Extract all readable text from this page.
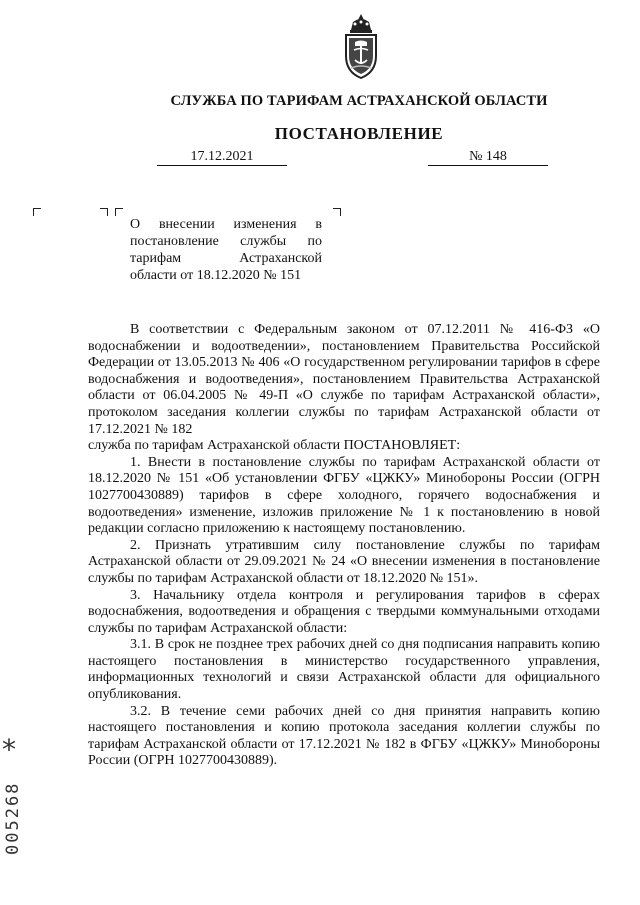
СЛУЖБА ПО ТАРИФАМ АСТРАХАНСКОЙ ОБЛАСТИ
ПОСТАНОВЛЕНИЕ
17.12.2021	№ 148
О внесении изменения в
постановление службы по
тарифам Астраханской
области от 18.12.2020 № 151

В соответствии с Федеральным законом от 07.12.2011 № 416-ФЗ «О водоснабжении и водоотведении», постановлением Правительства Российской Федерации от 13.05.2013 № 406 «О государственном регулировании тарифов в сфере водоснабжения и водоотведения», постановлением Правительства Астраханской области от 06.04.2005 № 49-П «О службе по тарифам Астраханской области», протоколом заседания коллегии службы по тарифам Астраханской области от 17.12.2021 № 182

служба по тарифам Астраханской области ПОСТАНОВЛЯЕТ:

1. Внести в постановление службы по тарифам Астраханской области от 18.12.2020 № 151 «Об установлении ФГБУ «ЦЖКУ» Минобороны России (ОГРН 1027700430889) тарифов в сфере холодного, горячего водоснабжения и водоотведения» изменение, изложив приложение № 1 к постановлению в новой редакции согласно приложению к настоящему постановлению.

2. Признать утратившим силу постановление службы по тарифам Астраханской области от 29.09.2021 № 24 «О внесении изменения в постановление службы по тарифам Астраханской области от 18.12.2020 № 151».

3. Начальнику отдела контроля и регулирования тарифов в сферах водоснабжения, водоотведения и обращения с твердыми коммунальными отходами службы по тарифам Астраханской области:

3.1. В срок не позднее трех рабочих дней со дня подписания направить копию настоящего постановления в министерство государственного управления, информационных технологий и связи Астраханской области для официального опубликования.

3.2. В течение семи рабочих дней со дня принятия направить копию настоящего постановления и копию протокола заседания коллегии службы по тарифам Астраханской области от 17.12.2021 № 182 в ФГБУ «ЦЖКУ» Минобороны России (ОГРН 1027700430889).

*
005268
